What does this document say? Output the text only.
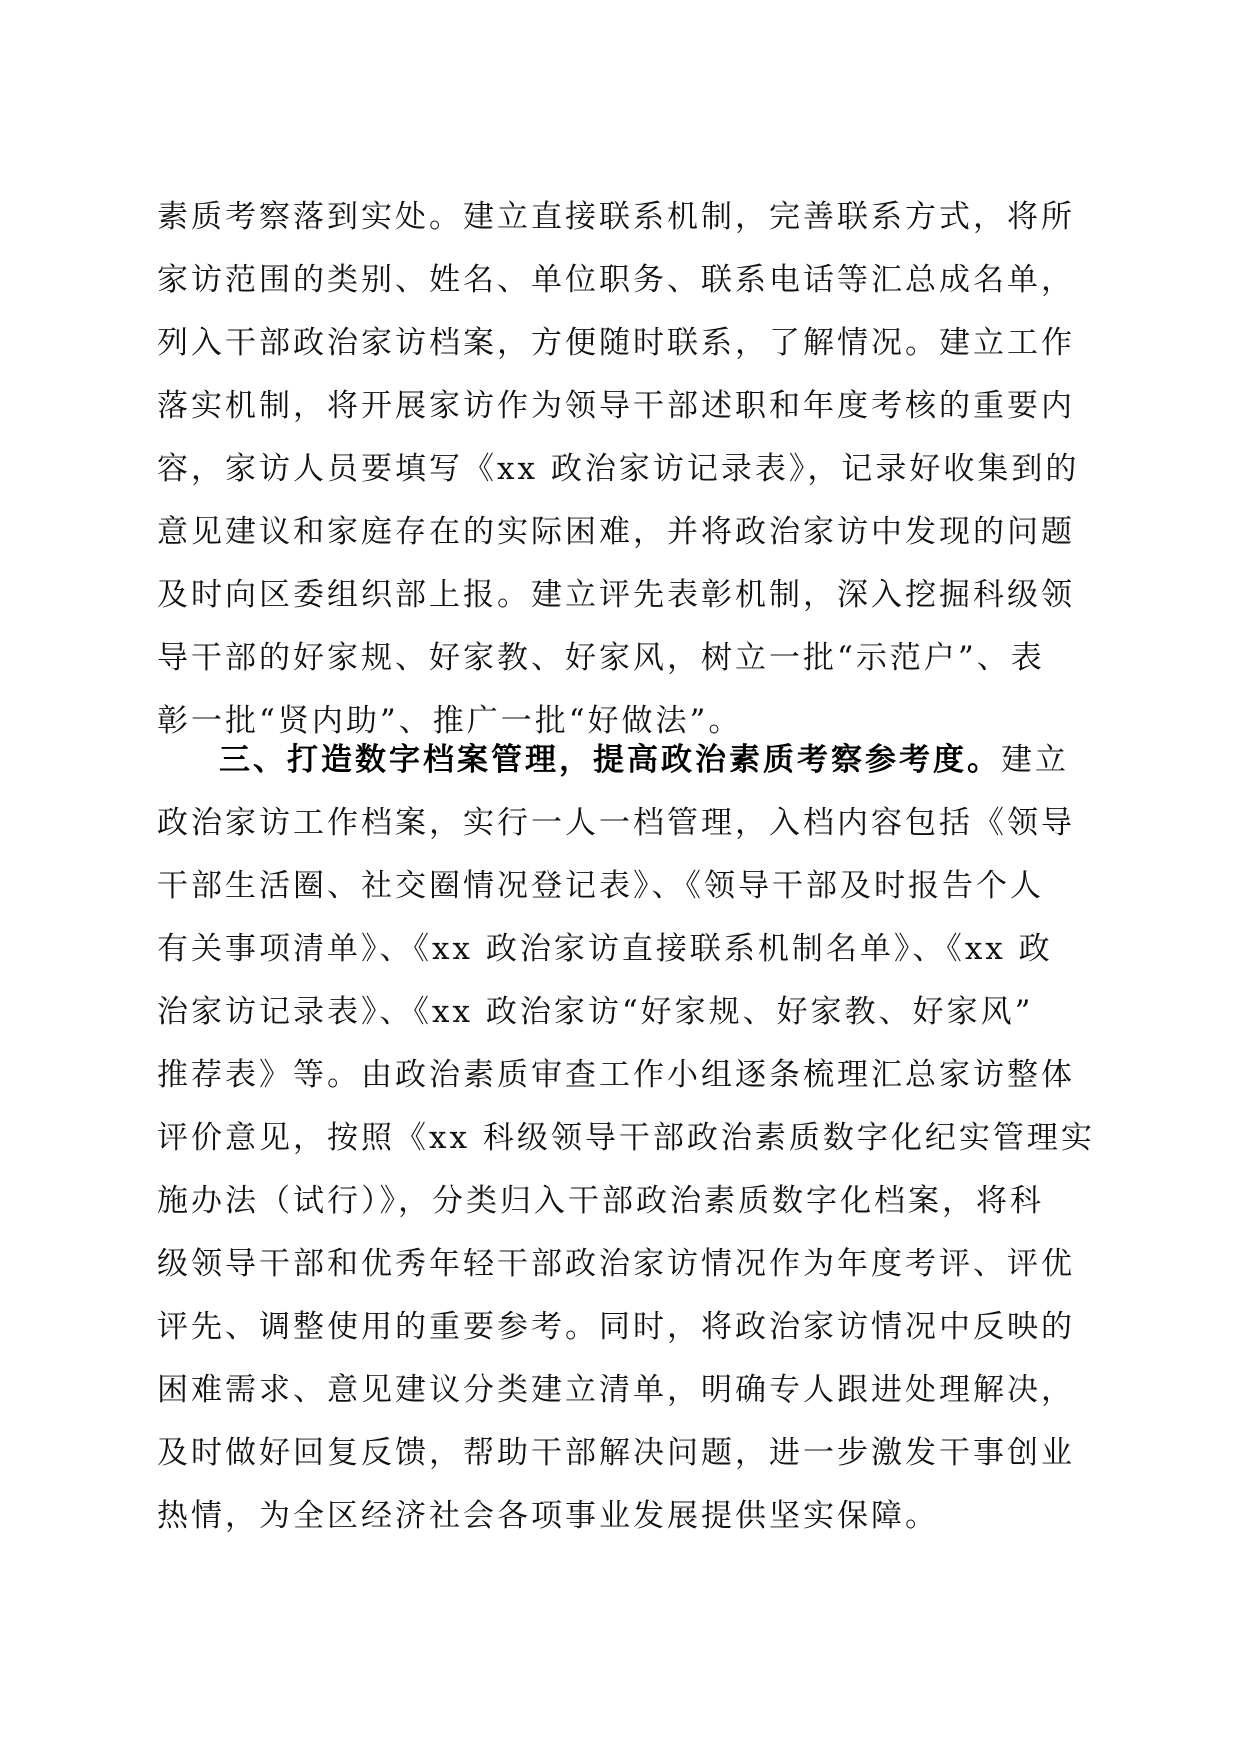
素质考察落到实处。建立直接联系机制，完善联系方式，将所
家访范围的类别、姓名、单位职务、联系电话等汇总成名单，
列入干部政治家访档案，方便随时联系，了解情况。建立工作
落实机制，将开展家访作为领导干部述职和年度考核的重要内
容，家访人员要填写《xx 政治家访记录表》，记录好收集到的
意见建议和家庭存在的实际困难，并将政治家访中发现的问题
及时向区委组织部上报。建立评先表彰机制，深入挖掘科级领
导干部的好家规、好家教、好家风，树立一批“示范户”、表
彰一批“贤内助”、推广一批“好做法”。
三、打造数字档案管理，提高政治素质考察参考度。建立
政治家访工作档案，实行一人一档管理，入档内容包括《领导
干部生活圈、社交圈情况登记表》、《领导干部及时报告个人
有关事项清单》、《xx 政治家访直接联系机制名单》、《xx 政
治家访记录表》、《xx 政治家访“好家规、好家教、好家风”
推荐表》等。由政治素质审查工作小组逐条梳理汇总家访整体
评价意见，按照《xx 科级领导干部政治素质数字化纪实管理实
施办法（试行）》，分类归入干部政治素质数字化档案，将科
级领导干部和优秀年轻干部政治家访情况作为年度考评、评优
评先、调整使用的重要参考。同时，将政治家访情况中反映的
困难需求、意见建议分类建立清单，明确专人跟进处理解决，
及时做好回复反馈，帮助干部解决问题，进一步激发干事创业
热情，为全区经济社会各项事业发展提供坚实保障。
